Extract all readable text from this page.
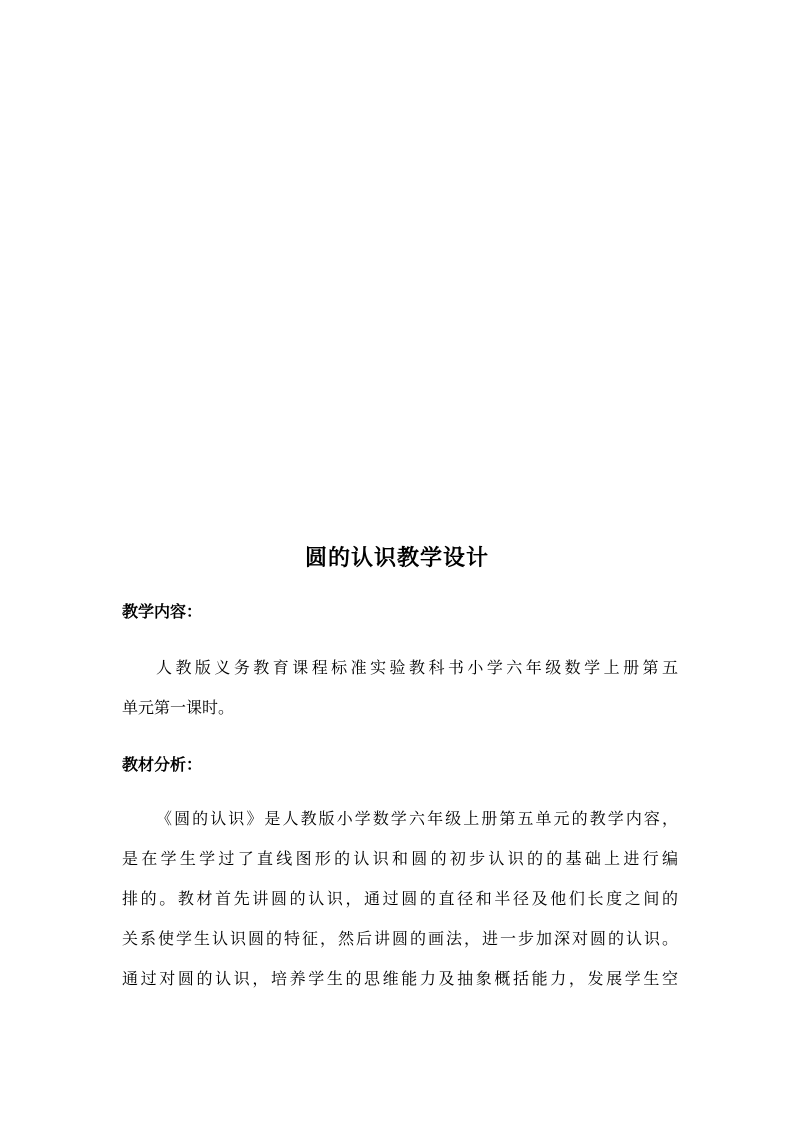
圆的认识教学设计
教学内容：
人教版义务教育课程标准实验教科书小学六年级数学上册第五
单元第一课时。
教材分析：
《圆的认识》是人教版小学数学六年级上册第五单元的教学内容，
是在学生学过了直线图形的认识和圆的初步认识的的基础上进行编
排的。教材首先讲圆的认识，通过圆的直径和半径及他们长度之间的
关系使学生认识圆的特征，然后讲圆的画法，进一步加深对圆的认识。
通过对圆的认识，培养学生的思维能力及抽象概括能力，发展学生空
